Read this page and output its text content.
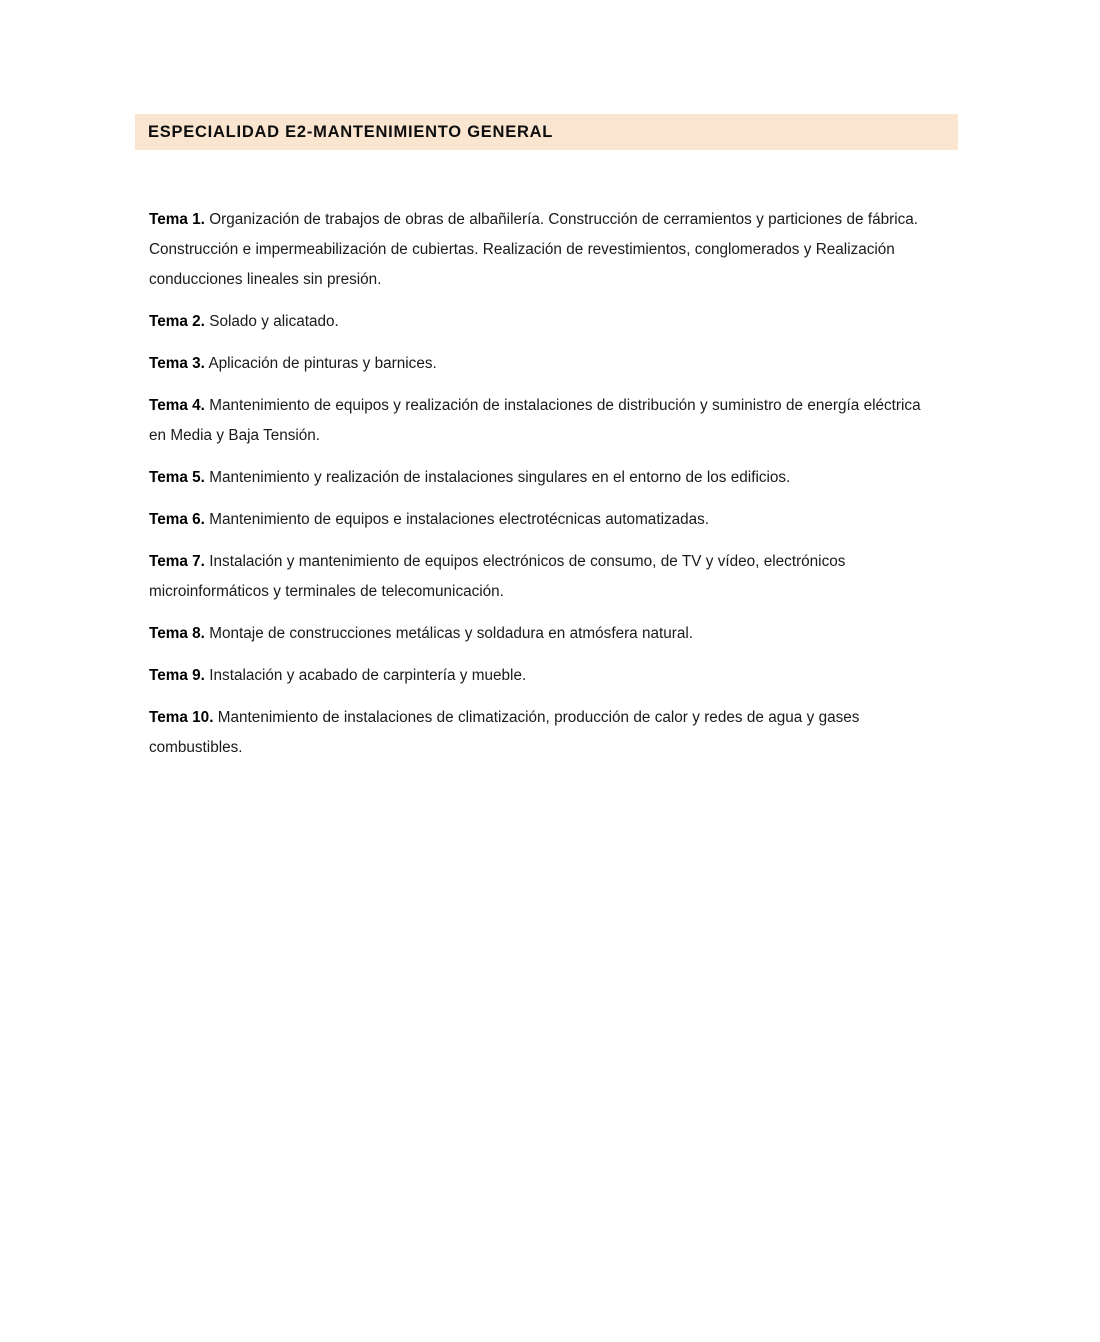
ESPECIALIDAD E2-MANTENIMIENTO GENERAL

Tema 1. Organización de trabajos de obras de albañilería. Construcción de cerramientos y particiones de fábrica. Construcción e impermeabilización de cubiertas. Realización de revestimientos, conglomerados y Realización conducciones lineales sin presión.

Tema 2. Solado y alicatado.

Tema 3. Aplicación de pinturas y barnices.

Tema 4. Mantenimiento de equipos y realización de instalaciones de distribución y suministro de energía eléctrica en Media y Baja Tensión.

Tema 5. Mantenimiento y realización de instalaciones singulares en el entorno de los edificios.

Tema 6. Mantenimiento de equipos e instalaciones electrotécnicas automatizadas.

Tema 7. Instalación y mantenimiento de equipos electrónicos de consumo, de TV y vídeo, electrónicos microinformáticos y terminales de telecomunicación.

Tema 8. Montaje de construcciones metálicas y soldadura en atmósfera natural.

Tema 9. Instalación y acabado de carpintería y mueble.

Tema 10. Mantenimiento de instalaciones de climatización, producción de calor y redes de agua y gases combustibles.
